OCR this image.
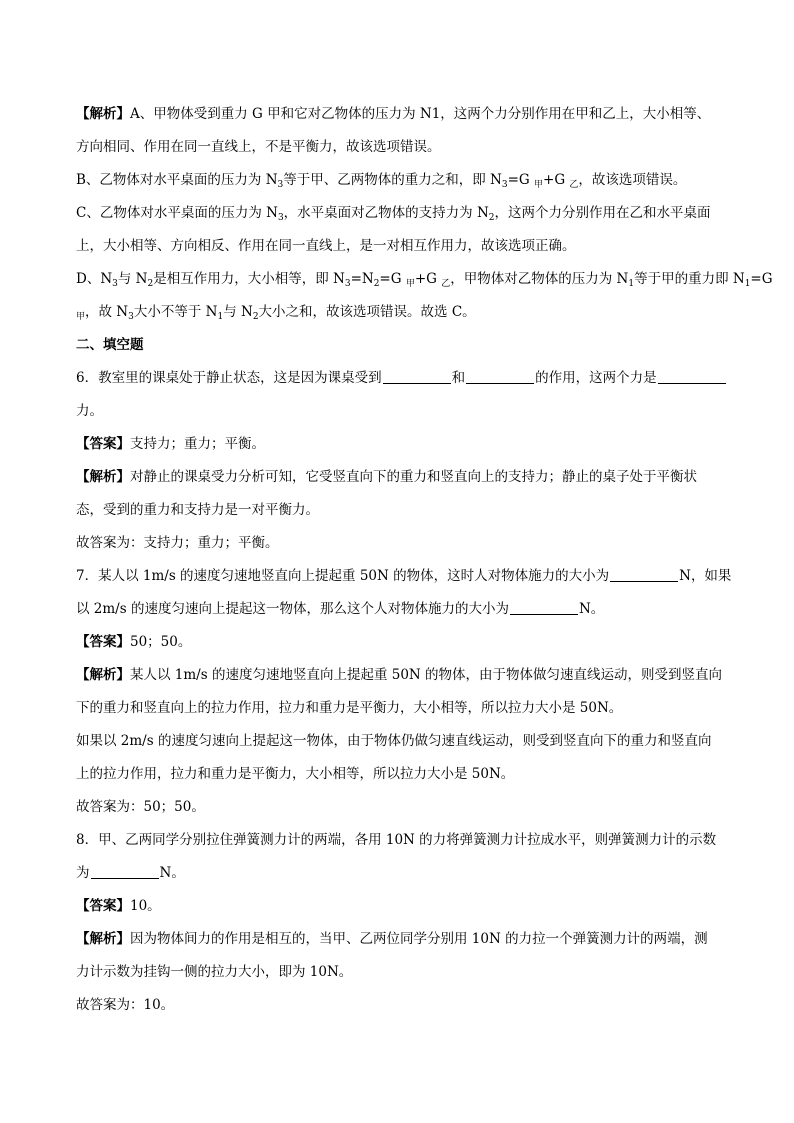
【解析】A、甲物体受到重力 G 甲和它对乙物体的压力为 N1，这两个力分别作用在甲和乙上，大小相等、

方向相同、作用在同一直线上，不是平衡力，故该选项错误。

B、乙物体对水平桌面的压力为 $N_3$等于甲、乙两物体的重力之和，即 $N_3=G$ $_甲$+G $_乙$，故该选项错误。

C、乙物体对水平桌面的压力为 $N_3$，水平桌面对乙物体的支持力为 $N_2$，这两个力分别作用在乙和水平桌面

上，大小相等、方向相反、作用在同一直线上，是一对相互作用力，故该选项正确。

D、$N_3$与 $N_2$是相互作用力，大小相等，即 $N_3=N_2=G$ $_甲$+G $_乙$，甲物体对乙物体的压力为 $N_1$等于甲的重力即 $N_1=G$

$_甲$，故 $N_3$大小不等于 $N_1$与 $N_2$大小之和，故该选项错误。故选 C。

二、填空题

6．教室里的课桌处于静止状态，这是因为课桌受到	和	的作用，这两个力是

力。

【答案】支持力；重力；平衡。

【解析】对静止的课桌受力分析可知，它受竖直向下的重力和竖直向上的支持力；静止的桌子处于平衡状

态，受到的重力和支持力是一对平衡力。

故答案为：支持力；重力；平衡。

7．某人以 1m/s 的速度匀速地竖直向上提起重 50N 的物体，这时人对物体施力的大小为	N，如果

以 2m/s 的速度匀速向上提起这一物体，那么这个人对物体施力的大小为	N。

【答案】50；50。

【解析】某人以 1m/s 的速度匀速地竖直向上提起重 50N 的物体，由于物体做匀速直线运动，则受到竖直向

下的重力和竖直向上的拉力作用，拉力和重力是平衡力，大小相等，所以拉力大小是 50N。

如果以 2m/s 的速度匀速向上提起这一物体，由于物体仍做匀速直线运动，则受到竖直向下的重力和竖直向

上的拉力作用，拉力和重力是平衡力，大小相等，所以拉力大小是 50N。

故答案为：50；50。

8．甲、乙两同学分别拉住弹簧测力计的两端，各用 10N 的力将弹簧测力计拉成水平，则弹簧测力计的示数

为	N。

【答案】10。

【解析】因为物体间力的作用是相互的，当甲、乙两位同学分别用 10N 的力拉一个弹簧测力计的两端，测

力计示数为挂钩一侧的拉力大小，即为 10N。

故答案为：10。
